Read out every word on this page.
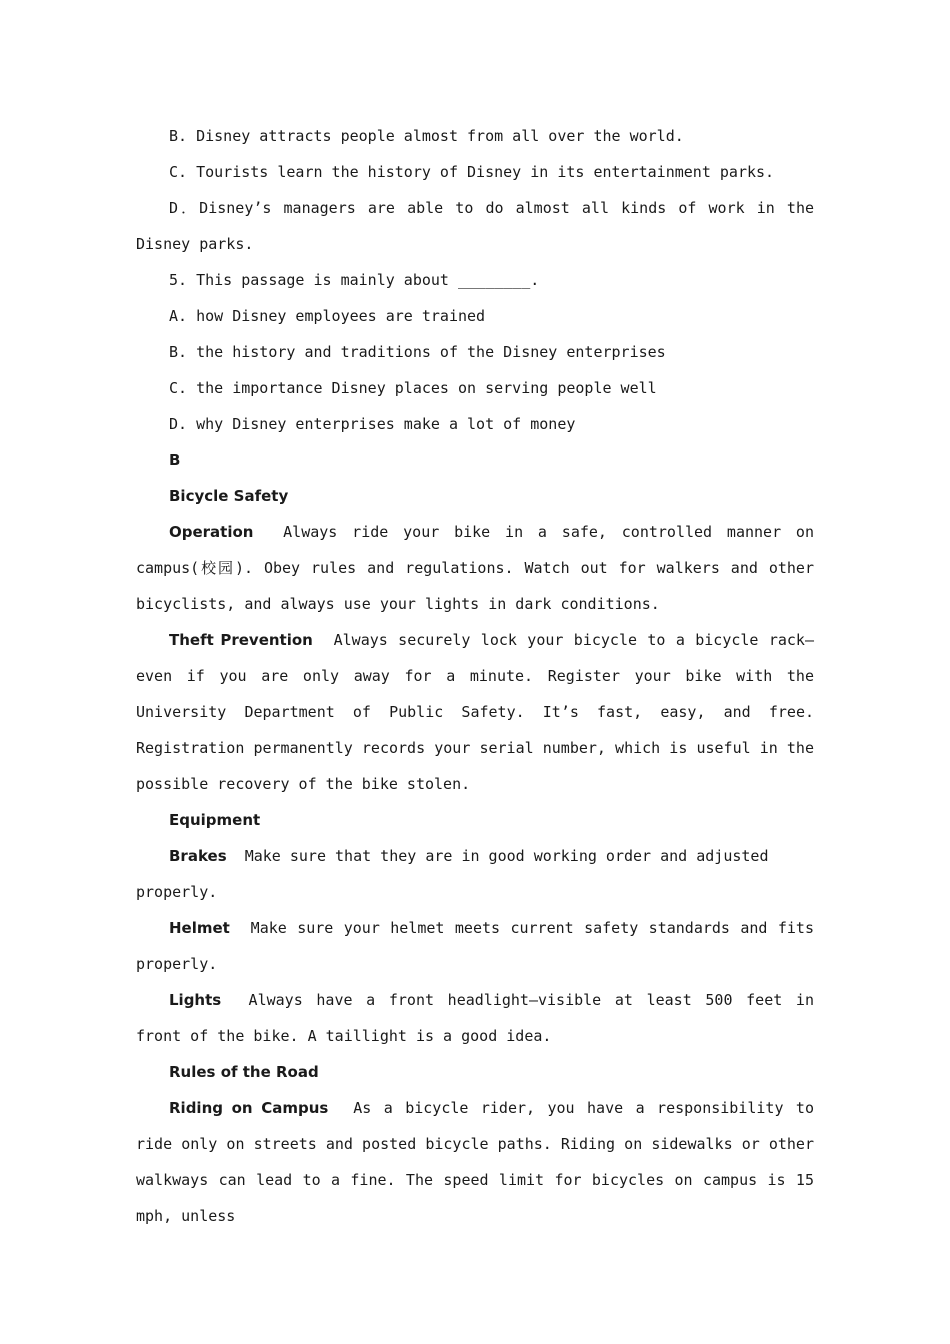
B. Disney attracts people almost from all over the world.

C. Tourists learn the history of Disney in its entertainment parks.

D．Disney’s managers are able to do almost all kinds of work in the Disney parks.

5. This passage is mainly about ________.

A. how Disney employees are trained

B. the history and traditions of the Disney enterprises

C. the importance Disney places on serving people well

D. why Disney enterprises make a lot of money

B

Bicycle Safety

Operation Always ride your bike in a safe, controlled manner on campus(校园). Obey rules and regulations. Watch out for walkers and other bicyclists, and always use your lights in dark conditions.

Theft Prevention Always securely lock your bicycle to a bicycle rack—even if you are only away for a minute. Register your bike with the University Department of Public Safety. It’s fast, easy, and free. Registration permanently records your serial number, which is useful in the possible recovery of the bike stolen.

Equipment

Brakes Make sure that they are in good working order and adjusted properly.

Helmet Make sure your helmet meets current safety standards and fits properly.

Lights Always have a front headlight—visible at least 500 feet in front of the bike. A taillight is a good idea.

Rules of the Road

Riding on Campus As a bicycle rider, you have a responsibility to ride only on streets and posted bicycle paths. Riding on sidewalks or other walkways can lead to a fine. The speed limit for bicycles on campus is 15 mph, unless
